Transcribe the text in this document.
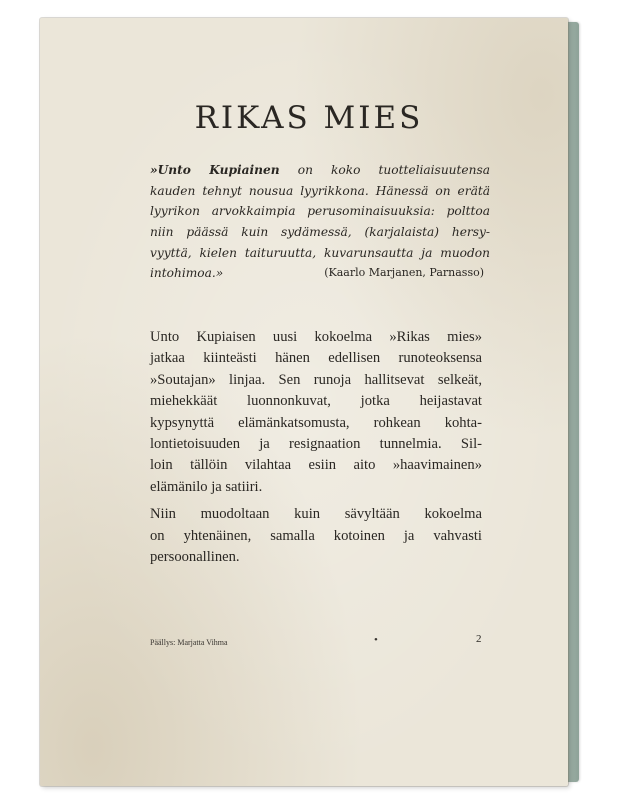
RIKAS MIES
»Unto Kupiainen on koko tuotteliaisuutensa
kauden tehnyt nousua lyyrikkona. Hänessä on erätä
lyyrikon arvokkaimpia perusominaisuuksia: polttoa
niin päässä kuin sydämessä, (karjalaista) hersy-
vyyttä, kielen taituruutta, kuvarunsautta ja muodon
intohimoa.»	(Kaarlo Marjanen, Parnasso)
Unto Kupiaisen uusi kokoelma »Rikas mies»
jatkaa kiinteästi hänen edellisen runoteoksensa
»Soutajan» linjaa. Sen runoja hallitsevat selkeät,
miehekkäät luonnonkuvat, jotka heijastavat
kypsynyttä elämänkatsomusta, rohkean kohta-
lontietoisuuden ja resignaation tunnelmia. Sil-
loin tällöin vilahtaa esiin aito »haavimainen»
elämänilo ja satiiri.
Niin muodoltaan kuin sävyltään kokoelma
on yhtenäinen, samalla kotoinen ja vahvasti
persoonallinen.
Päällys: Marjatta Vihma	•	2
